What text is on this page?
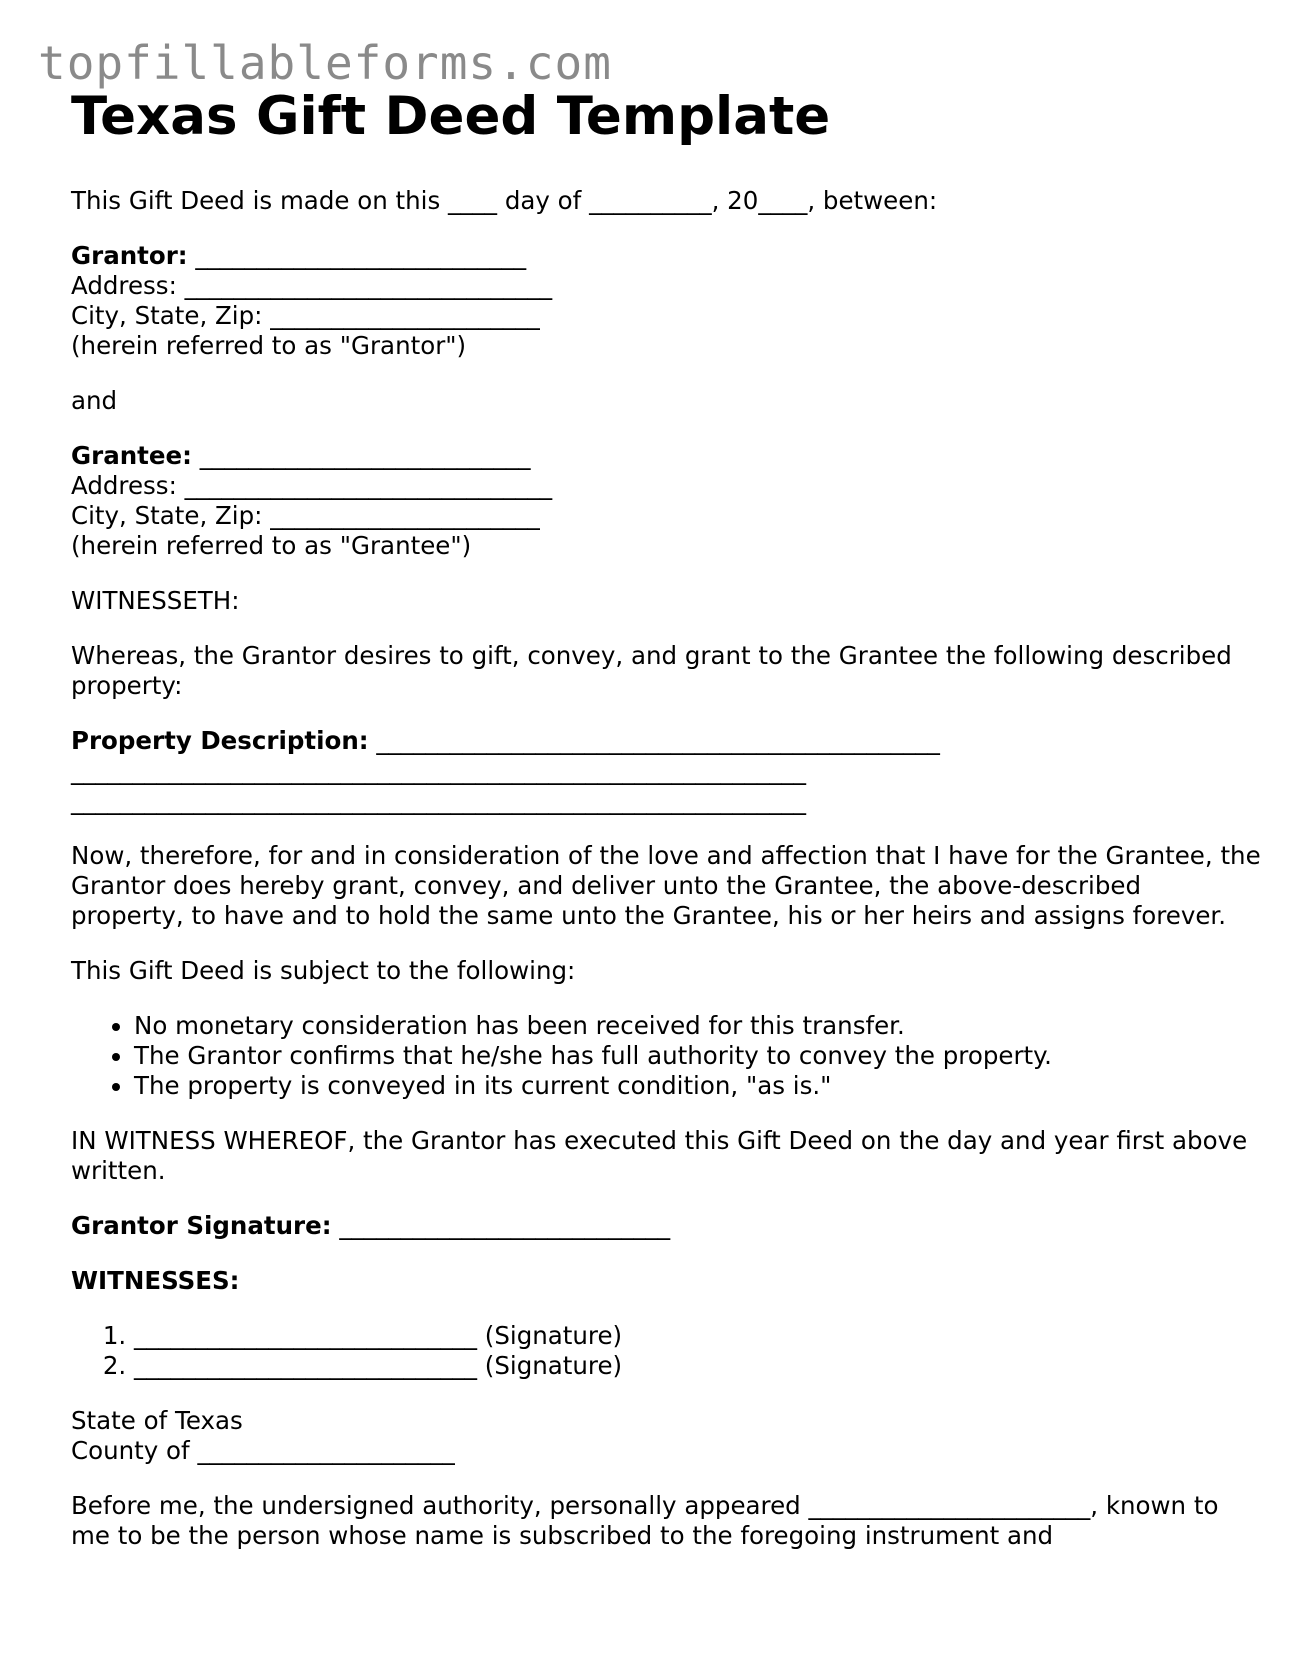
topfillableforms.com
Texas Gift Deed Template

This Gift Deed is made on this ____ day of __________, 20____, between:

Grantor: ___________________________
Address: ______________________________
City, State, Zip: ______________________
(herein referred to as "Grantor")

and

Grantee: ___________________________
Address: ______________________________
City, State, Zip: ______________________
(herein referred to as "Grantee")

WITNESSETH:

Whereas, the Grantor desires to gift, convey, and grant to the Grantee the following described property:

Property Description: ______________________________________________
____________________________________________________________
____________________________________________________________

Now, therefore, for and in consideration of the love and affection that I have for the Grantee, the Grantor does hereby grant, convey, and deliver unto the Grantee, the above-described property, to have and to hold the same unto the Grantee, his or her heirs and assigns forever.

This Gift Deed is subject to the following:

• No monetary consideration has been received for this transfer.
• The Grantor confirms that he/she has full authority to convey the property.
• The property is conveyed in its current condition, "as is."

IN WITNESS WHEREOF, the Grantor has executed this Gift Deed on the day and year first above written.

Grantor Signature: ___________________________

WITNESSES:

1. ____________________________ (Signature)
2. ____________________________ (Signature)

State of Texas
County of _____________________

Before me, the undersigned authority, personally appeared _______________________, known to me to be the person whose name is subscribed to the foregoing instrument and
